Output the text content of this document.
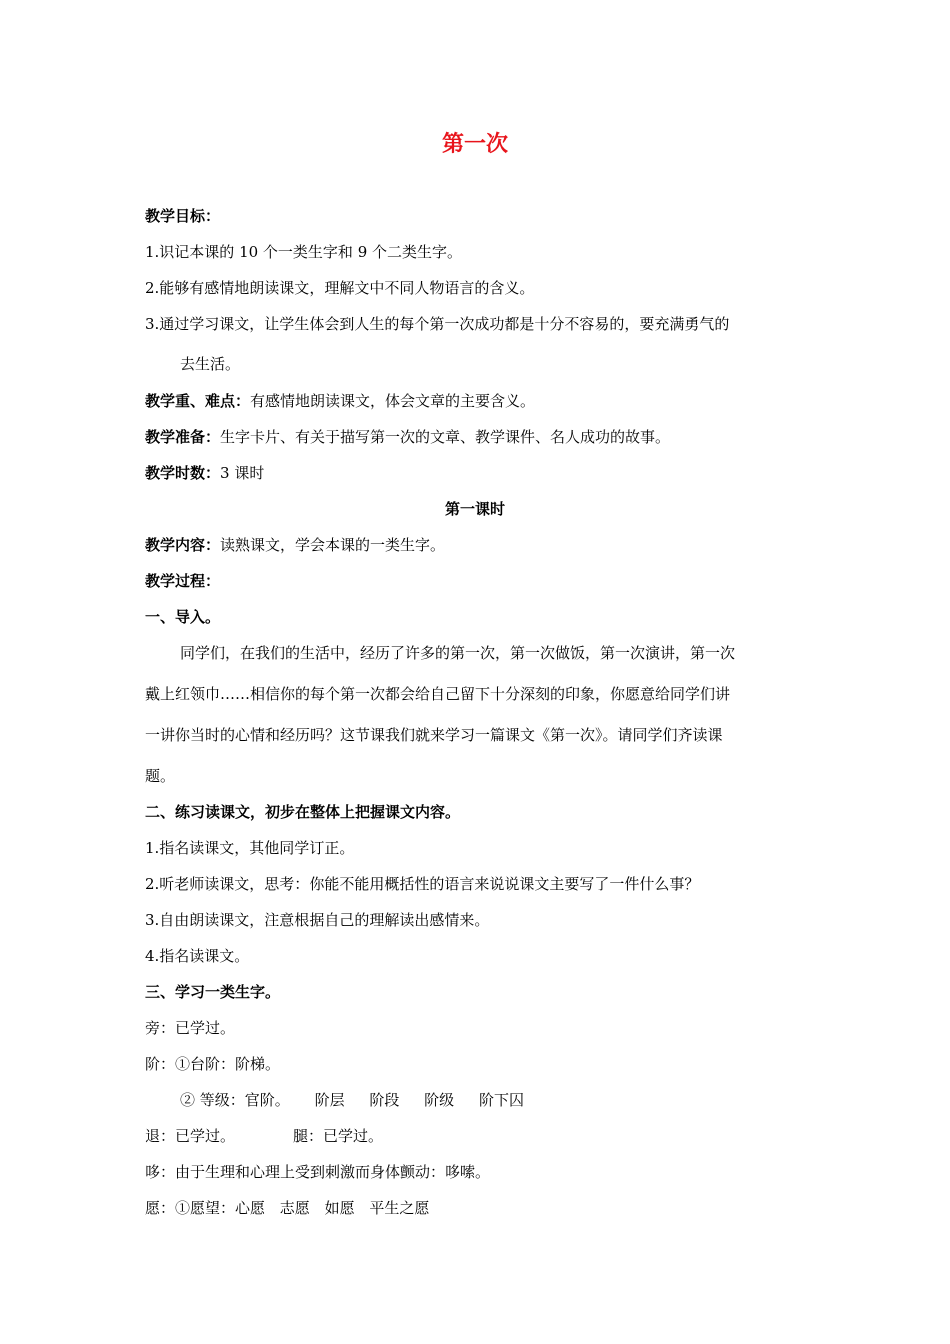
第一次
教学目标：
1.识记本课的 10 个一类生字和 9 个二类生字。
2.能够有感情地朗读课文，理解文中不同人物语言的含义。
3.通过学习课文，让学生体会到人生的每个第一次成功都是十分不容易的，要充满勇气的
去生活。
教学重、难点：有感情地朗读课文，体会文章的主要含义。
教学准备：生字卡片、有关于描写第一次的文章、教学课件、名人成功的故事。
教学时数：3 课时
第一课时
教学内容：读熟课文，学会本课的一类生字。
教学过程：
一、导入。
同学们，在我们的生活中，经历了许多的第一次，第一次做饭，第一次演讲，第一次
戴上红领巾……相信你的每个第一次都会给自己留下十分深刻的印象，你愿意给同学们讲
一讲你当时的心情和经历吗？这节课我们就来学习一篇课文《第一次》。请同学们齐读课
题。
二、练习读课文，初步在整体上把握课文内容。
1.指名读课文，其他同学订正。
2.听老师读课文，思考：你能不能用概括性的语言来说说课文主要写了一件什么事？
3.自由朗读课文，注意根据自己的理解读出感情来。
4.指名读课文。
三、学习一类生字。
旁：已学过。
阶：①台阶：阶梯。
② 等级：官阶。 阶层 阶段 阶级 阶下囚
退：已学过。	腿：已学过。
哆：由于生理和心理上受到刺激而身体颤动：哆嗦。
愿：①愿望：心愿 志愿 如愿 平生之愿
